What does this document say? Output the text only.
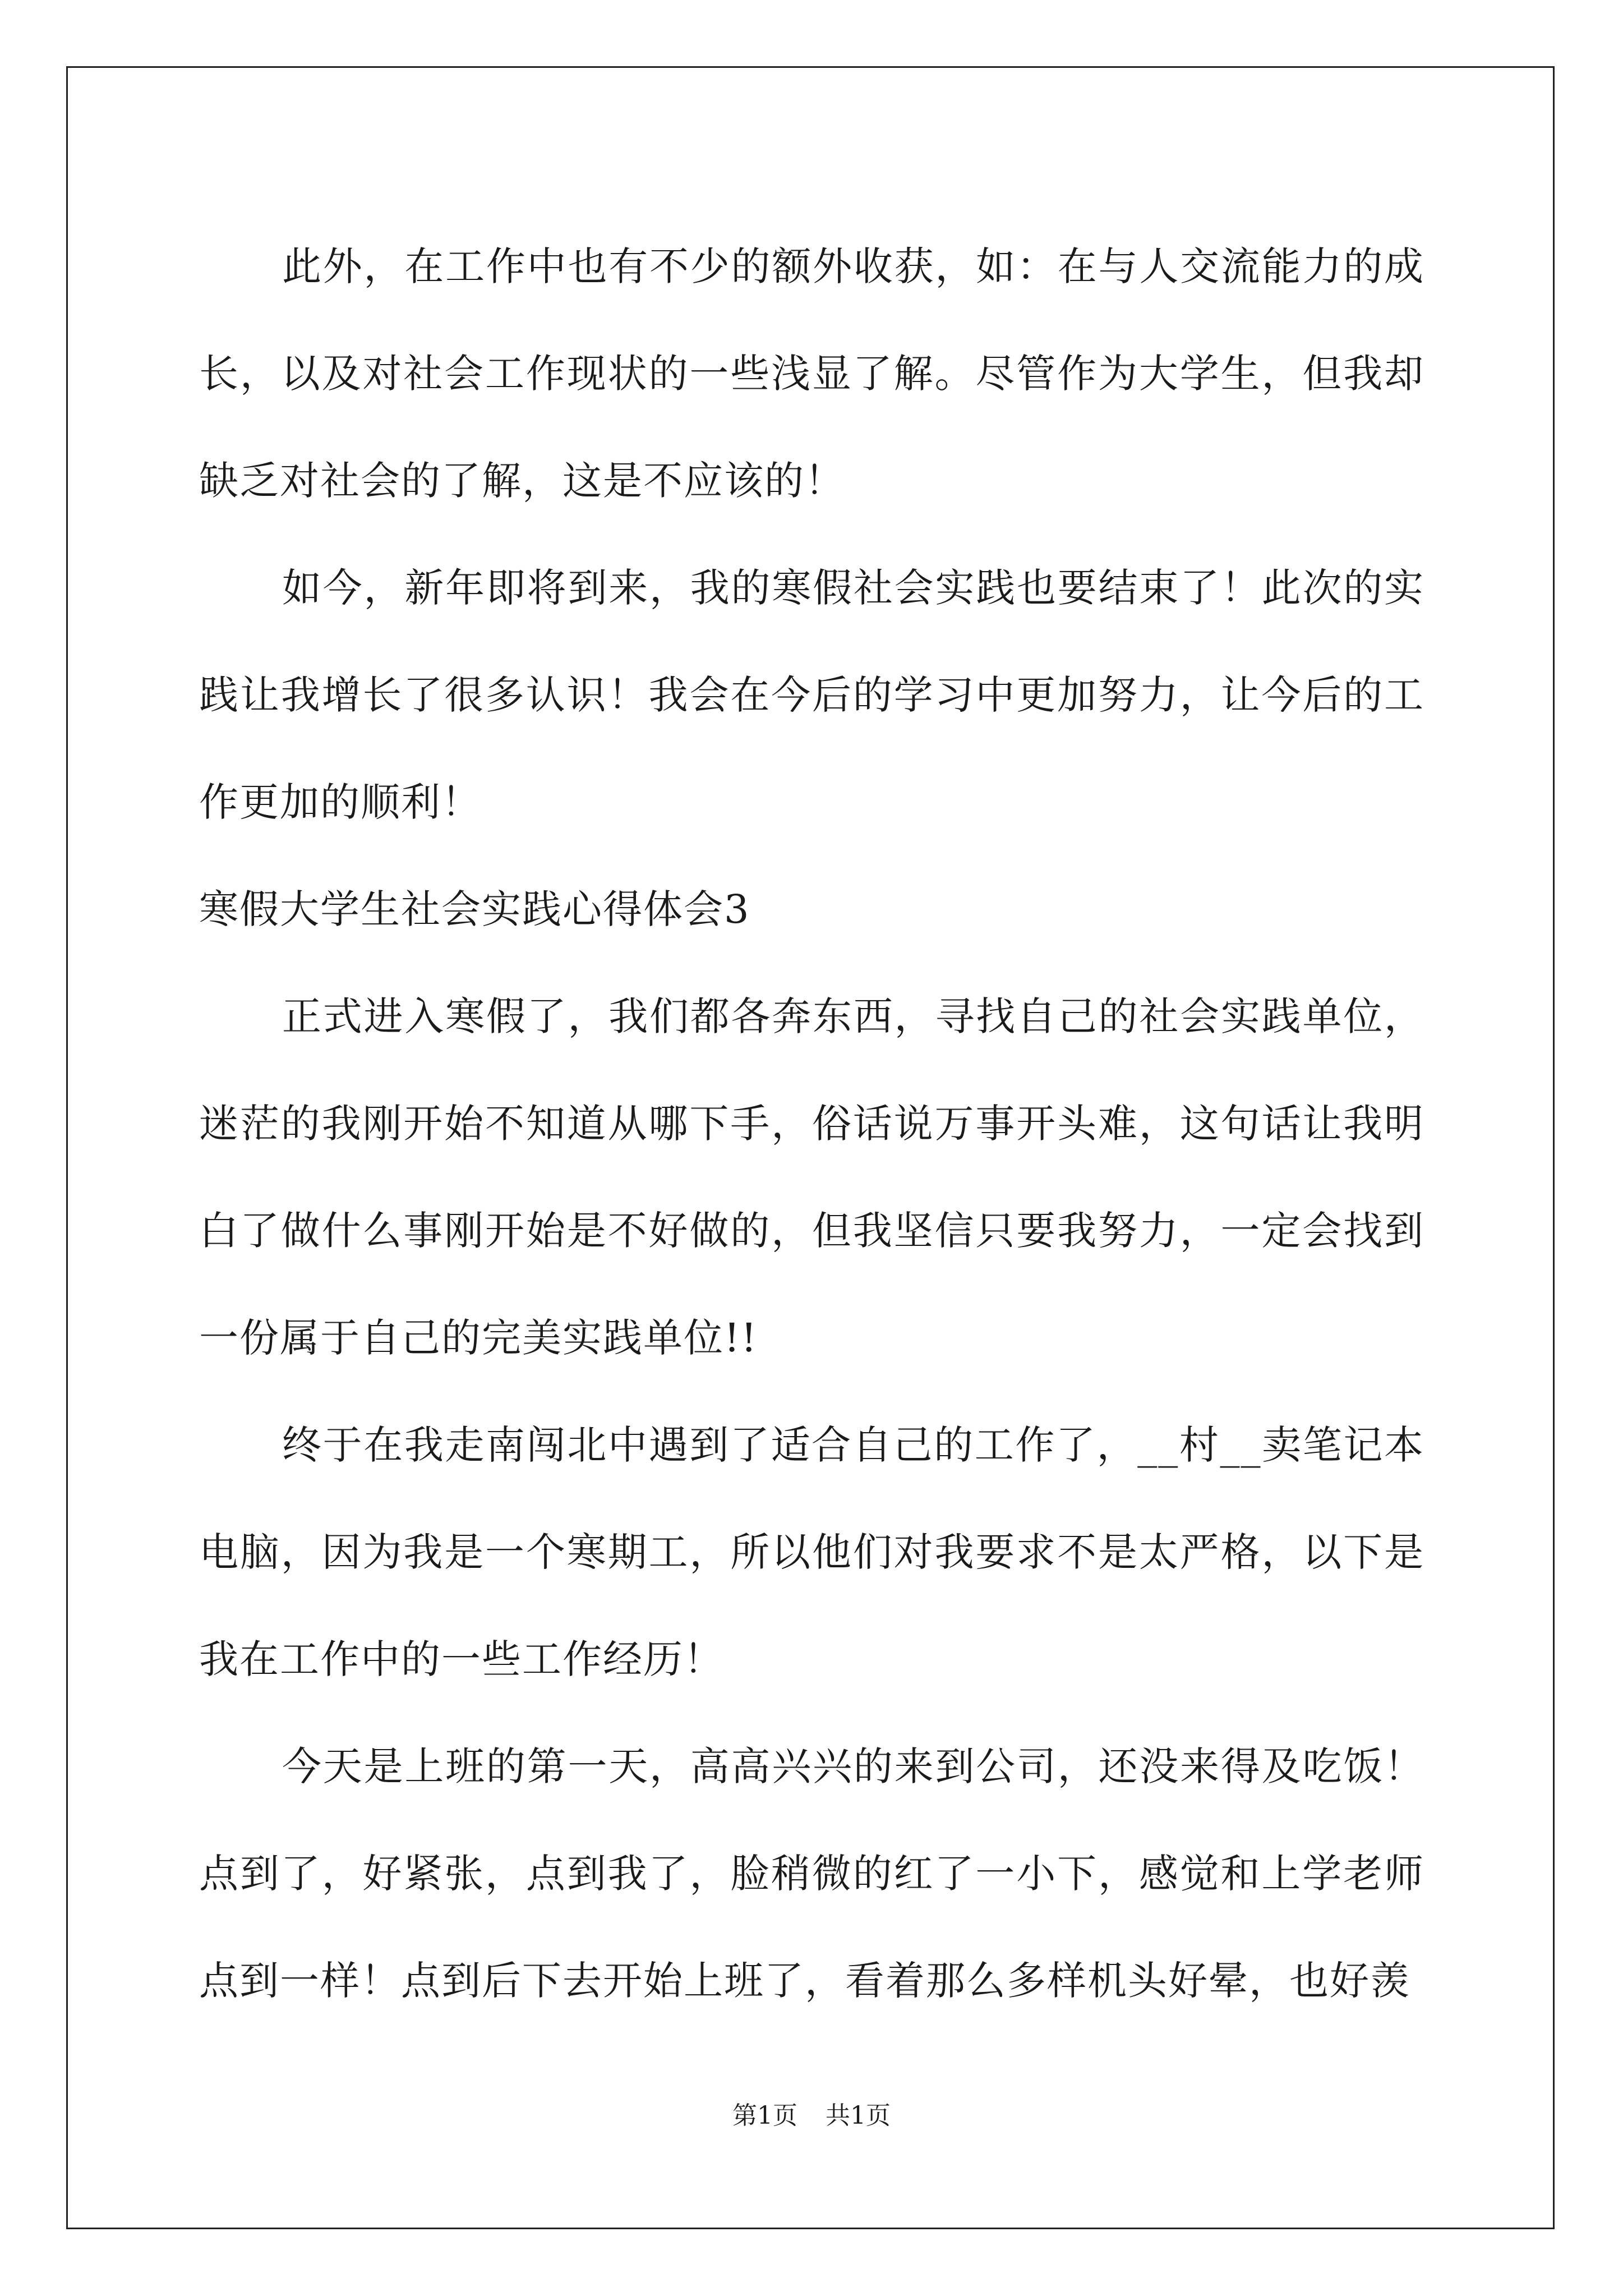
此外，在工作中也有不少的额外收获，如：在与人交流能力的成长，以及对社会工作现状的一些浅显了解。尽管作为大学生，但我却缺乏对社会的了解，这是不应该的！

如今，新年即将到来，我的寒假社会实践也要结束了！此次的实践让我增长了很多认识！我会在今后的学习中更加努力，让今后的工作更加的顺利！

寒假大学生社会实践心得体会3

正式进入寒假了，我们都各奔东西，寻找自己的社会实践单位，迷茫的我刚开始不知道从哪下手，俗话说万事开头难，这句话让我明白了做什么事刚开始是不好做的，但我坚信只要我努力，一定会找到一份属于自己的完美实践单位!!

终于在我走南闯北中遇到了适合自己的工作了，__村__卖笔记本电脑，因为我是一个寒期工，所以他们对我要求不是太严格，以下是我在工作中的一些工作经历！

今天是上班的第一天，高高兴兴的来到公司，还没来得及吃饭！点到了，好紧张，点到我了，脸稍微的红了一小下，感觉和上学老师点到一样！点到后下去开始上班了，看着那么多样机头好晕，也好羡

第1页 共1页
